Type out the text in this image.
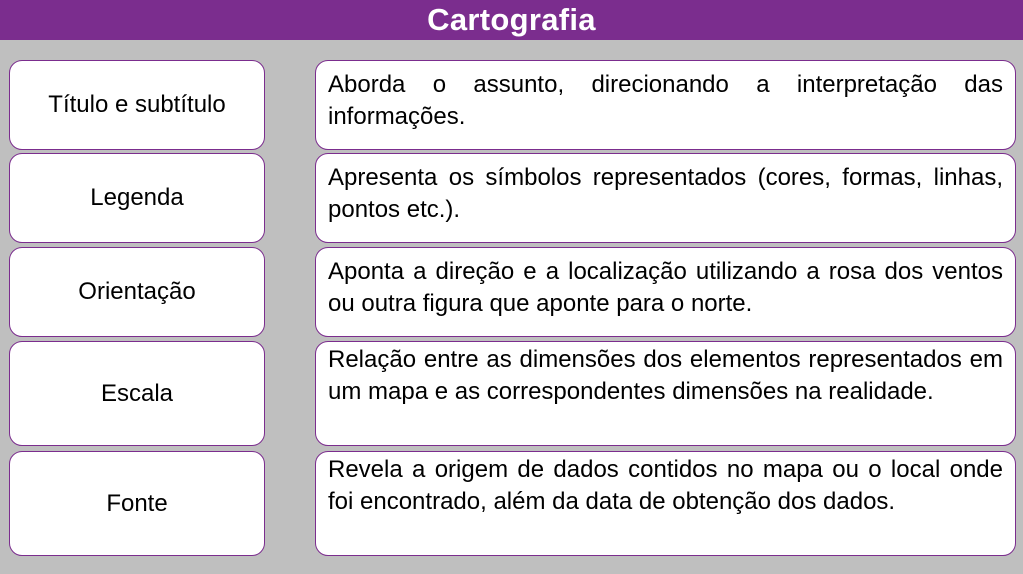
Cartografia
Título e subtítulo
Aborda o assunto, direcionando a interpretação das informações.
Legenda
Apresenta os símbolos representados (cores, formas, linhas, pontos etc.).
Orientação
Aponta a direção e a localização utilizando a rosa dos ventos ou outra figura que aponte para o norte.
Escala
Relação entre as dimensões dos elementos representados em um mapa e as correspondentes dimensões na realidade.
Fonte
Revela a origem de dados contidos no mapa ou o local onde foi encontrado, além da data de obtenção dos dados.
